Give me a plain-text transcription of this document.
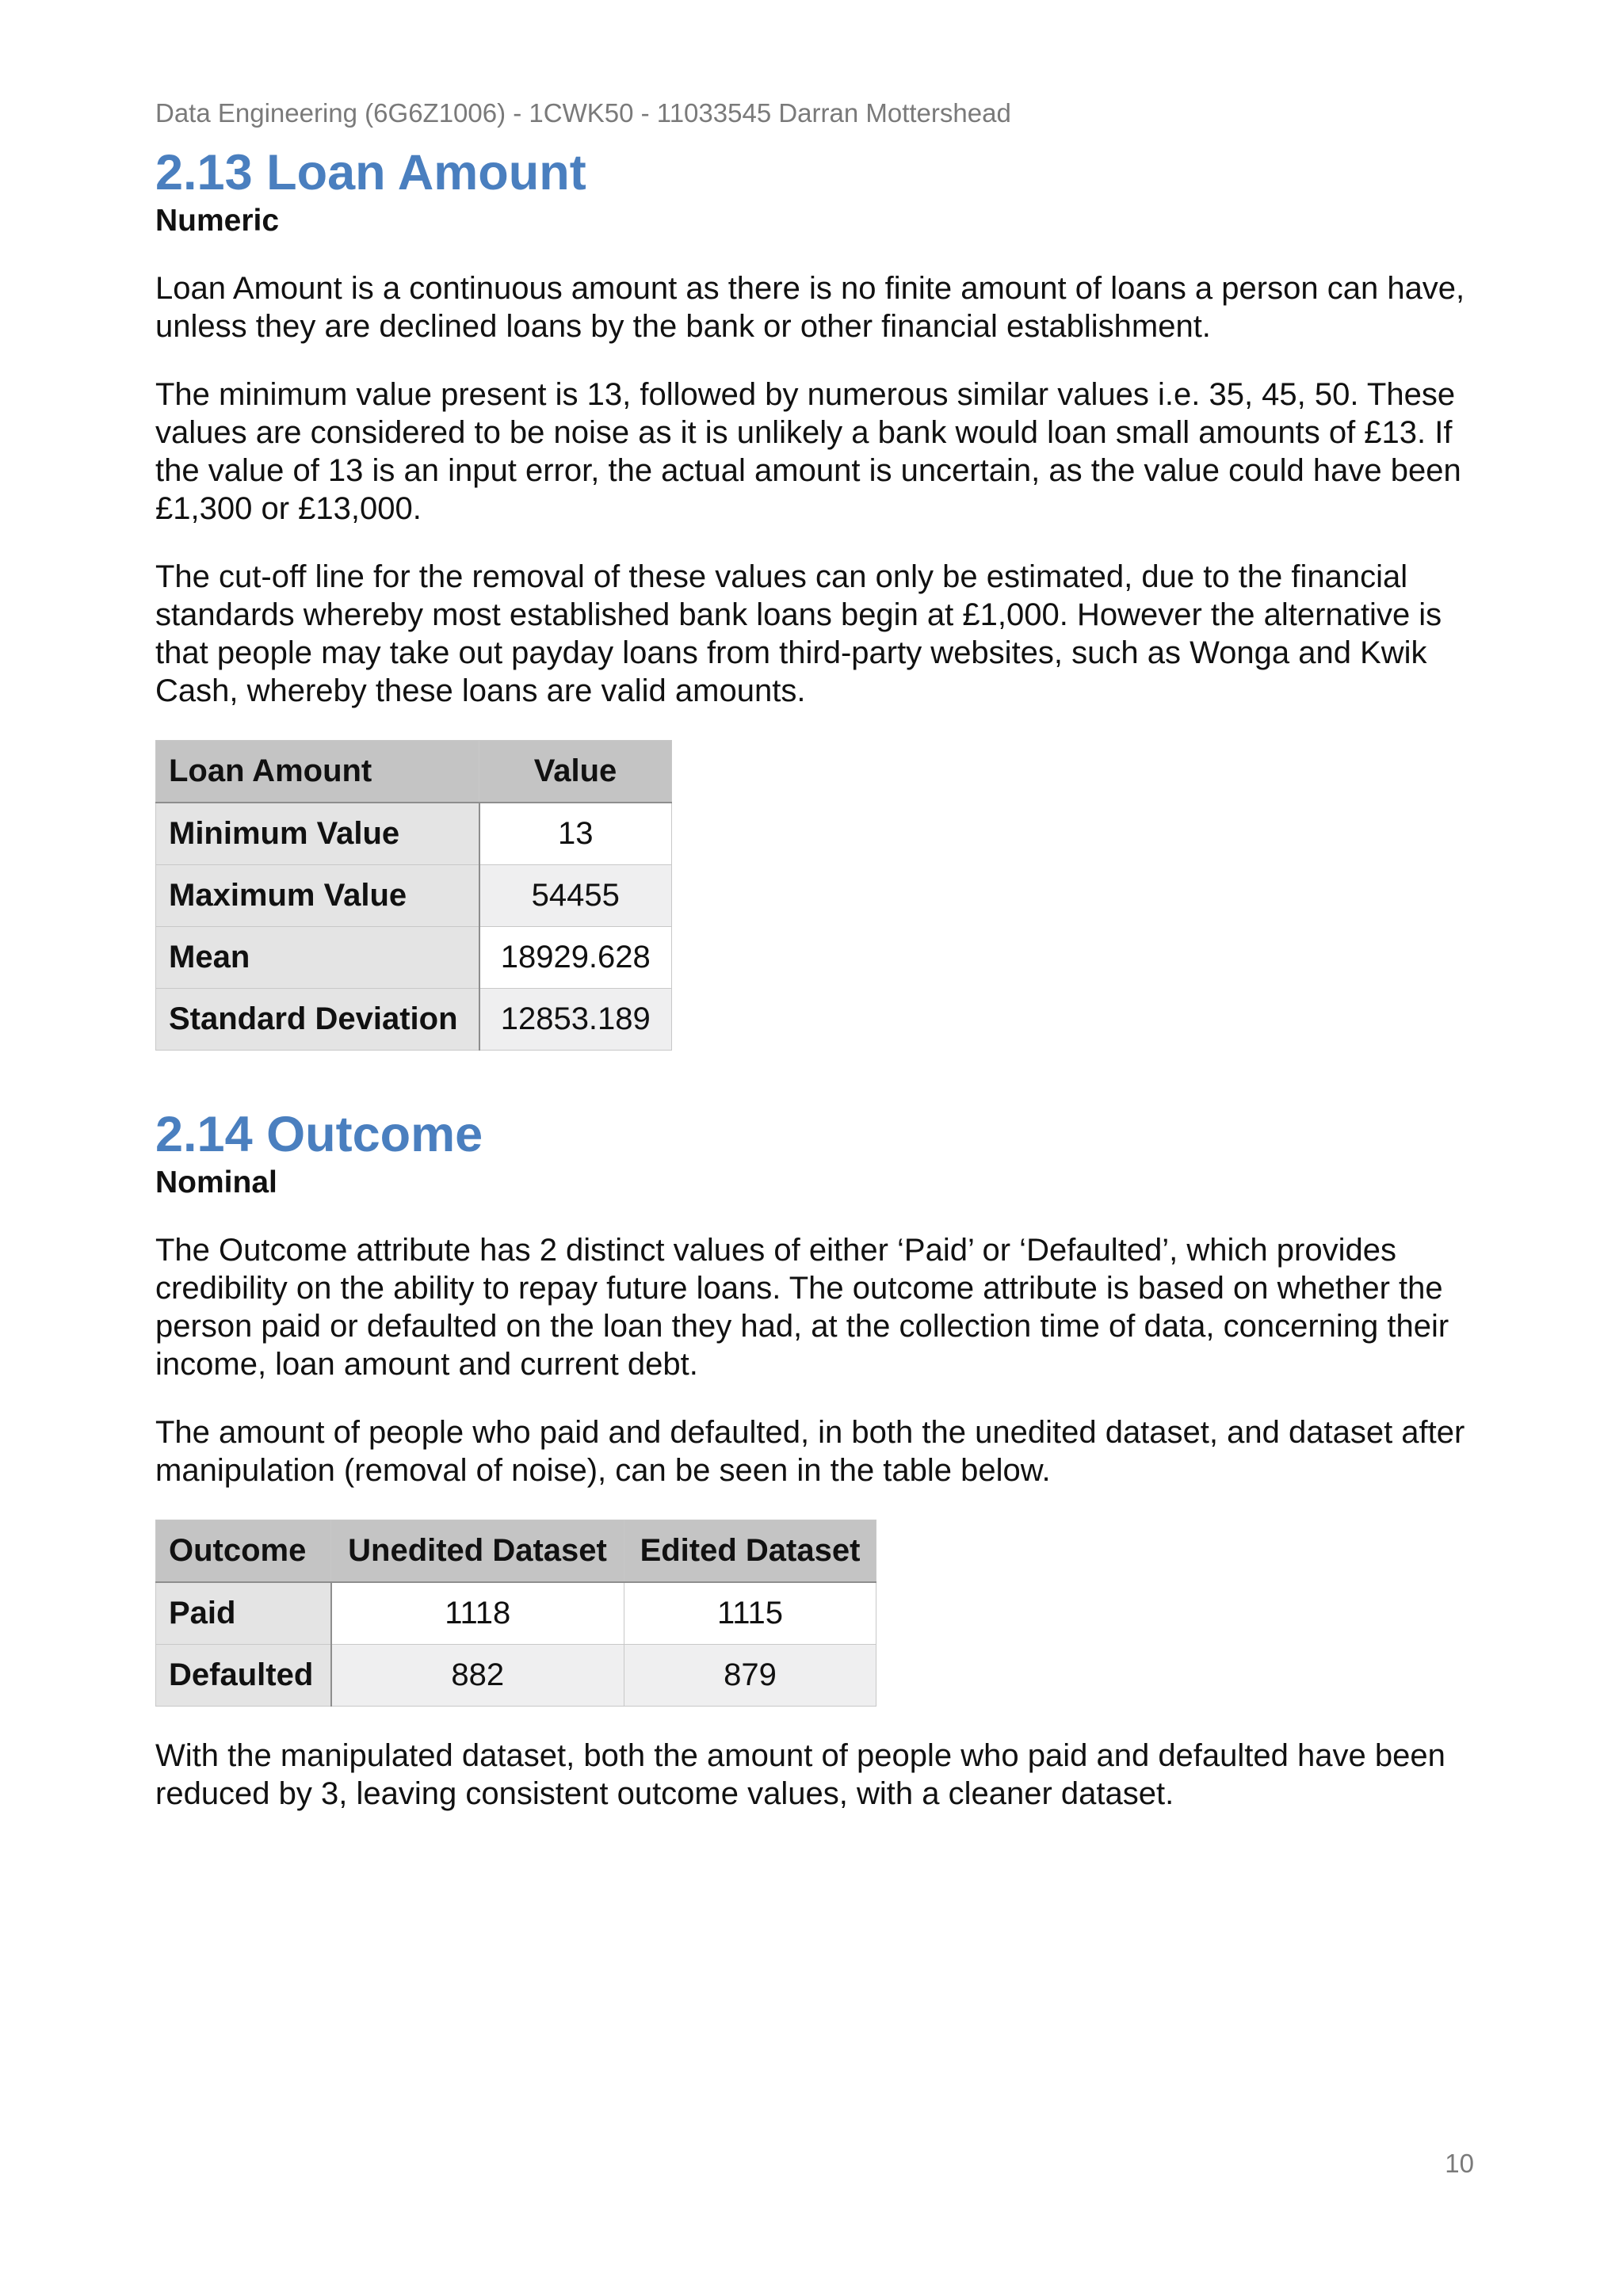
Data Engineering (6G6Z1006) - 1CWK50 - 11033545 Darran Mottershead

2.13 Loan Amount
Numeric

Loan Amount is a continuous amount as there is no finite amount of loans a person can have, unless they are declined loans by the bank or other financial establishment.

The minimum value present is 13, followed by numerous similar values i.e. 35, 45, 50. These values are considered to be noise as it is unlikely a bank would loan small amounts of £13. If the value of 13 is an input error, the actual amount is uncertain, as the value could have been £1,300 or £13,000.

The cut-off line for the removal of these values can only be estimated, due to the financial standards whereby most established bank loans begin at £1,000. However the alternative is that people may take out payday loans from third-party websites, such as Wonga and Kwik Cash, whereby these loans are valid amounts.

Loan Amount	Value
Minimum Value	13
Maximum Value	54455
Mean	18929.628
Standard Deviation	12853.189
2.14 Outcome
Nominal

The Outcome attribute has 2 distinct values of either ‘Paid’ or ‘Defaulted’, which provides credibility on the ability to repay future loans. The outcome attribute is based on whether the person paid or defaulted on the loan they had, at the collection time of data, concerning their income, loan amount and current debt.

The amount of people who paid and defaulted, in both the unedited dataset, and dataset after manipulation (removal of noise), can be seen in the table below.

Outcome	Unedited Dataset	Edited Dataset
Paid	1118	1115
Defaulted	882	879

With the manipulated dataset, both the amount of people who paid and defaulted have been reduced by 3, leaving consistent outcome values, with a cleaner dataset.

10
